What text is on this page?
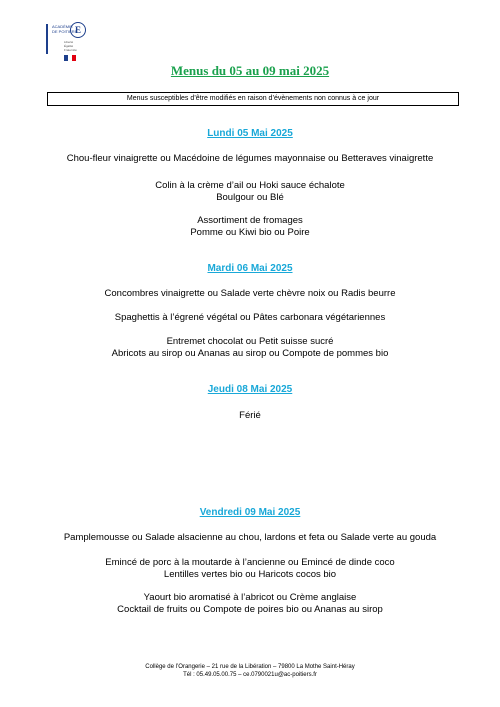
ACADÉMIE
DE POITIERS
E
Liberté
Égalité
Fraternité
Menus du 05 au 09 mai 2025
Menus susceptibles d’être modifiés en raison d’évènements non connus à ce jour
Lundi 05 Mai 2025
Chou-fleur vinaigrette ou Macédoine de légumes mayonnaise ou Betteraves vinaigrette
Colin à la crème d’ail ou Hoki sauce échalote
Boulgour ou Blé
Assortiment de fromages
Pomme ou Kiwi bio ou Poire
Mardi 06 Mai 2025
Concombres vinaigrette ou Salade verte chèvre noix ou Radis beurre
Spaghettis à l’égrené végétal ou Pâtes carbonara végétariennes
Entremet chocolat ou Petit suisse sucré
Abricots au sirop ou Ananas au sirop ou Compote de pommes bio
Jeudi 08 Mai 2025
Férié
Vendredi 09 Mai 2025
Pamplemousse ou Salade alsacienne au chou, lardons et feta ou Salade verte au gouda
Emincé de porc à la moutarde à l’ancienne ou Emincé de dinde coco
Lentilles vertes bio ou Haricots cocos bio
Yaourt bio aromatisé à l’abricot ou Crème anglaise
Cocktail de fruits ou Compote de poires bio ou Ananas au sirop
Collège de l’Orangerie – 21 rue de la Libération – 79800 La Mothe Saint-Héray
Tél : 05.49.05.00.75 – ce.0790021u@ac-poitiers.fr
